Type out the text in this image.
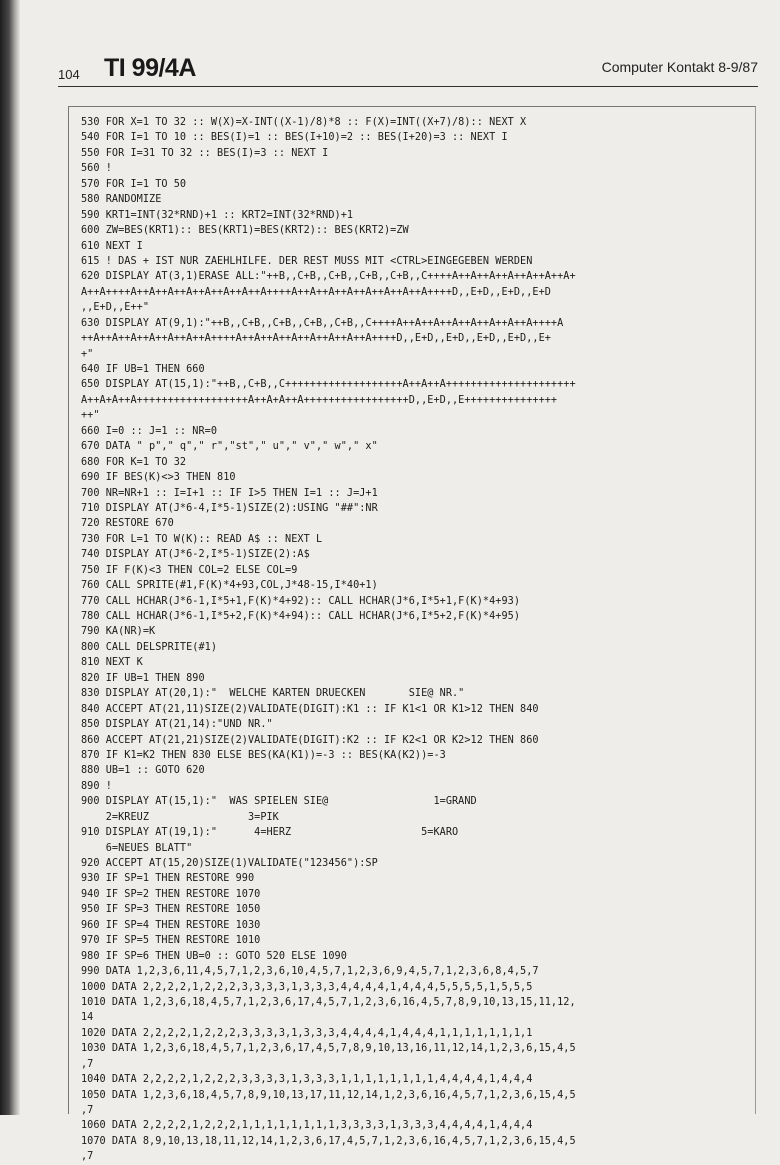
104 TI 99/4A	Computer Kontakt 8-9/87
530 FOR X=1 TO 32 :: W(X)=X-INT((X-1)/8)*8 :: F(X)=INT((X+7)/8):: NEXT X
540 FOR I=1 TO 10 :: BES(I)=1 :: BES(I+10)=2 :: BES(I+20)=3 :: NEXT I
550 FOR I=31 TO 32 :: BES(I)=3 :: NEXT I
560 !
570 FOR I=1 TO 50
580 RANDOMIZE
590 KRT1=INT(32*RND)+1 :: KRT2=INT(32*RND)+1
600 ZW=BES(KRT1):: BES(KRT1)=BES(KRT2):: BES(KRT2)=ZW
610 NEXT I
615 ! DAS + IST NUR ZAEHLHILFE. DER REST MUSS MIT <CTRL>EINGEGEBEN WERDEN
620 DISPLAY AT(3,1)ERASE ALL:"++B,,C+B,,C+B,,C+B,,C+B,,C++++A++A++A++A++A++A++A+
A++A++++A++A++A++A++A++A++A++A++++A++A++A++A++A++A++A++A++++D,,E+D,,E+D,,E+D
,,E+D,,E++"
630 DISPLAY AT(9,1):"++B,,C+B,,C+B,,C+B,,C+B,,C++++A++A++A++A++A++A++A++A++++A
++A++A++A++A++A++A++A++++A++A++A++A++A++A++A++A++++D,,E+D,,E+D,,E+D,,E+D,,E+
+"
640 IF UB=1 THEN 660
650 DISPLAY AT(15,1):"++B,,C+B,,C+++++++++++++++++++A++A++A+++++++++++++++++++++
A++A+A++A++++++++++++++++++A++A+A++A+++++++++++++++++D,,E+D,,E+++++++++++++++
++"
660 I=0 :: J=1 :: NR=0
670 DATA " p"," q"," r","st"," u"," v"," w"," x"
680 FOR K=1 TO 32
690 IF BES(K)<>3 THEN 810
700 NR=NR+1 :: I=I+1 :: IF I>5 THEN I=1 :: J=J+1
710 DISPLAY AT(J*6-4,I*5-1)SIZE(2):USING "##":NR
720 RESTORE 670
730 FOR L=1 TO W(K):: READ A$ :: NEXT L
740 DISPLAY AT(J*6-2,I*5-1)SIZE(2):A$
750 IF F(K)<3 THEN COL=2 ELSE COL=9
760 CALL SPRITE(#1,F(K)*4+93,COL,J*48-15,I*40+1)
770 CALL HCHAR(J*6-1,I*5+1,F(K)*4+92):: CALL HCHAR(J*6,I*5+1,F(K)*4+93)
780 CALL HCHAR(J*6-1,I*5+2,F(K)*4+94):: CALL HCHAR(J*6,I*5+2,F(K)*4+95)
790 KA(NR)=K
800 CALL DELSPRITE(#1)
810 NEXT K
820 IF UB=1 THEN 890
830 DISPLAY AT(20,1):"  WELCHE KARTEN DRUECKEN       SIE@ NR."
840 ACCEPT AT(21,11)SIZE(2)VALIDATE(DIGIT):K1 :: IF K1<1 OR K1>12 THEN 840
850 DISPLAY AT(21,14):"UND NR."
860 ACCEPT AT(21,21)SIZE(2)VALIDATE(DIGIT):K2 :: IF K2<1 OR K2>12 THEN 860
870 IF K1=K2 THEN 830 ELSE BES(KA(K1))=-3 :: BES(KA(K2))=-3
880 UB=1 :: GOTO 620
890 !
900 DISPLAY AT(15,1):"  WAS SPIELEN SIE@                 1=GRAND
2=KREUZ                3=PIK
910 DISPLAY AT(19,1):"      4=HERZ                     5=KARO
6=NEUES BLATT"
920 ACCEPT AT(15,20)SIZE(1)VALIDATE("123456"):SP
930 IF SP=1 THEN RESTORE 990
940 IF SP=2 THEN RESTORE 1070
950 IF SP=3 THEN RESTORE 1050
960 IF SP=4 THEN RESTORE 1030
970 IF SP=5 THEN RESTORE 1010
980 IF SP=6 THEN UB=0 :: GOTO 520 ELSE 1090
990 DATA 1,2,3,6,11,4,5,7,1,2,3,6,10,4,5,7,1,2,3,6,9,4,5,7,1,2,3,6,8,4,5,7
1000 DATA 2,2,2,2,1,2,2,2,3,3,3,3,1,3,3,3,4,4,4,4,1,4,4,4,5,5,5,5,1,5,5,5
1010 DATA 1,2,3,6,18,4,5,7,1,2,3,6,17,4,5,7,1,2,3,6,16,4,5,7,8,9,10,13,15,11,12,
14
1020 DATA 2,2,2,2,1,2,2,2,3,3,3,3,1,3,3,3,4,4,4,4,1,4,4,4,1,1,1,1,1,1,1,1
1030 DATA 1,2,3,6,18,4,5,7,1,2,3,6,17,4,5,7,8,9,10,13,16,11,12,14,1,2,3,6,15,4,5
,7
1040 DATA 2,2,2,2,1,2,2,2,3,3,3,3,1,3,3,3,1,1,1,1,1,1,1,1,4,4,4,4,1,4,4,4
1050 DATA 1,2,3,6,18,4,5,7,8,9,10,13,17,11,12,14,1,2,3,6,16,4,5,7,1,2,3,6,15,4,5
,7
1060 DATA 2,2,2,2,1,2,2,2,1,1,1,1,1,1,1,1,3,3,3,3,1,3,3,3,4,4,4,4,1,4,4,4
1070 DATA 8,9,10,13,18,11,12,14,1,2,3,6,17,4,5,7,1,2,3,6,16,4,5,7,1,2,3,6,15,4,5
,7
